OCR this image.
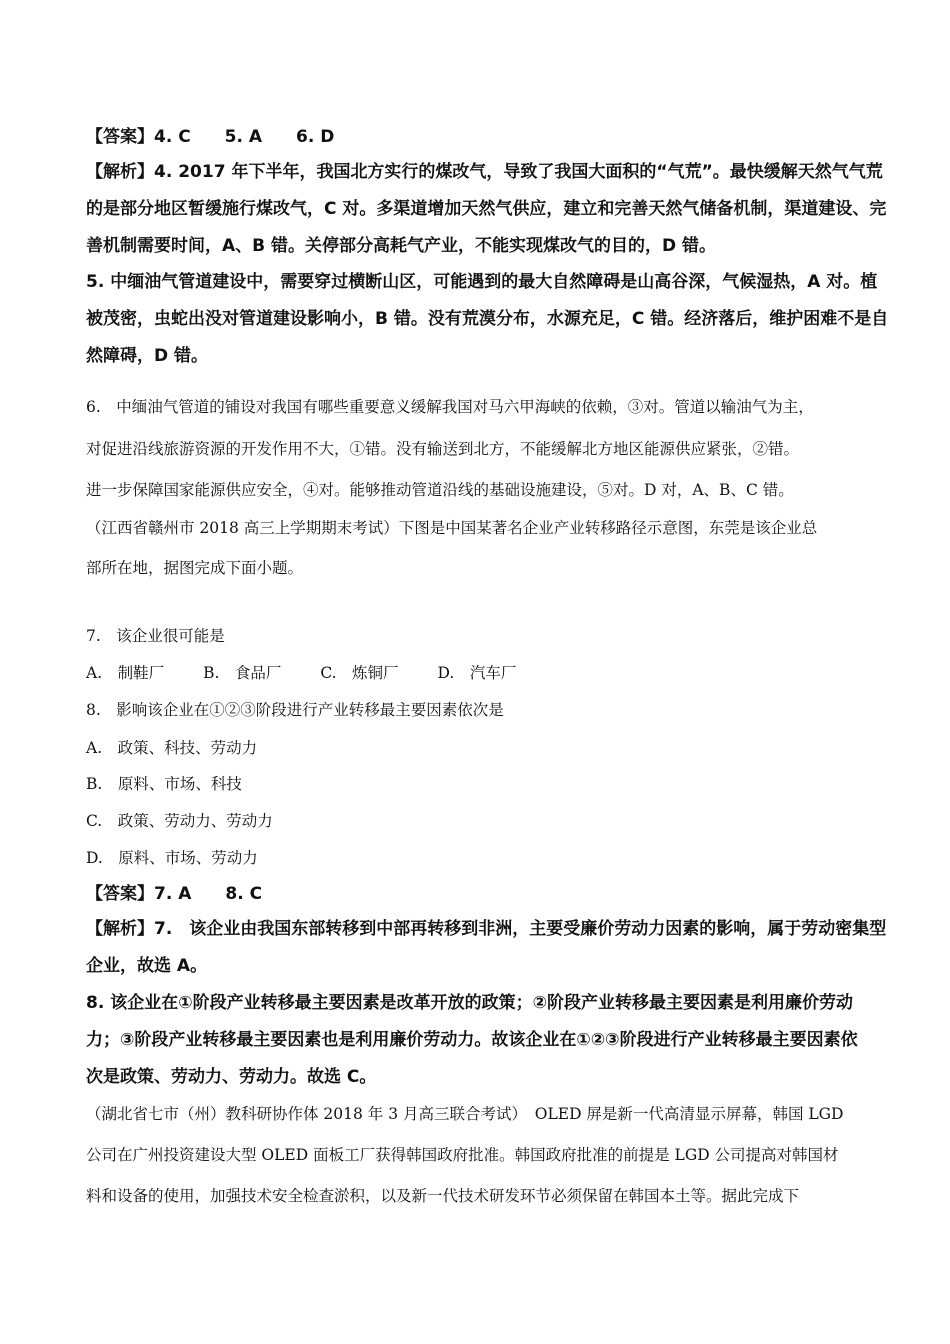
【答案】4. C　　5. A　　6. D
【解析】4. 2017 年下半年，我国北方实行的煤改气，导致了我国大面积的“气荒”。最快缓解天然气气荒
的是部分地区暂缓施行煤改气，C 对。多渠道增加天然气供应，建立和完善天然气储备机制，渠道建设、完
善机制需要时间，A、B 错。关停部分高耗气产业，不能实现煤改气的目的，D 错。
5. 中缅油气管道建设中，需要穿过横断山区，可能遇到的最大自然障碍是山高谷深，气候湿热，A 对。植
被茂密，虫蛇出没对管道建设影响小，B 错。没有荒漠分布，水源充足，C 错。经济落后，维护困难不是自
然障碍，D 错。
6.　中缅油气管道的铺设对我国有哪些重要意义缓解我国对马六甲海峡的依赖，③对。管道以输油气为主，
对促进沿线旅游资源的开发作用不大，①错。没有输送到北方，不能缓解北方地区能源供应紧张，②错。
进一步保障国家能源供应安全，④对。能够推动管道沿线的基础设施建设，⑤对。D 对，A、B、C 错。
（江西省赣州市 2018 高三上学期期末考试）下图是中国某著名企业产业转移路径示意图，东莞是该企业总
部所在地，据图完成下面小题。
7.　该企业很可能是
A.　制鞋厂	B.　食品厂	C.　炼铜厂	D.　汽车厂
8.　影响该企业在①②③阶段进行产业转移最主要因素依次是
A.　政策、科技、劳动力
B.　原料、市场、科技
C.　政策、劳动力、劳动力
D.　原料、市场、劳动力
【答案】7. A　　8. C
【解析】7.　该企业由我国东部转移到中部再转移到非洲，主要受廉价劳动力因素的影响，属于劳动密集型
企业，故选 A。
8. 该企业在①阶段产业转移最主要因素是改革开放的政策；②阶段产业转移最主要因素是利用廉价劳动
力；③阶段产业转移最主要因素也是利用廉价劳动力。故该企业在①②③阶段进行产业转移最主要因素依
次是政策、劳动力、劳动力。故选 C。
（湖北省七市（州）教科研协作体 2018 年 3 月高三联合考试）　OLED 屏是新一代高清显示屏幕，韩国 LGD
公司在广州投资建设大型 OLED 面板工厂获得韩国政府批准。韩国政府批准的前提是 LGD 公司提高对韩国材
料和设备的使用，加强技术安全检查淤积，以及新一代技术研发环节必须保留在韩国本土等。据此完成下
